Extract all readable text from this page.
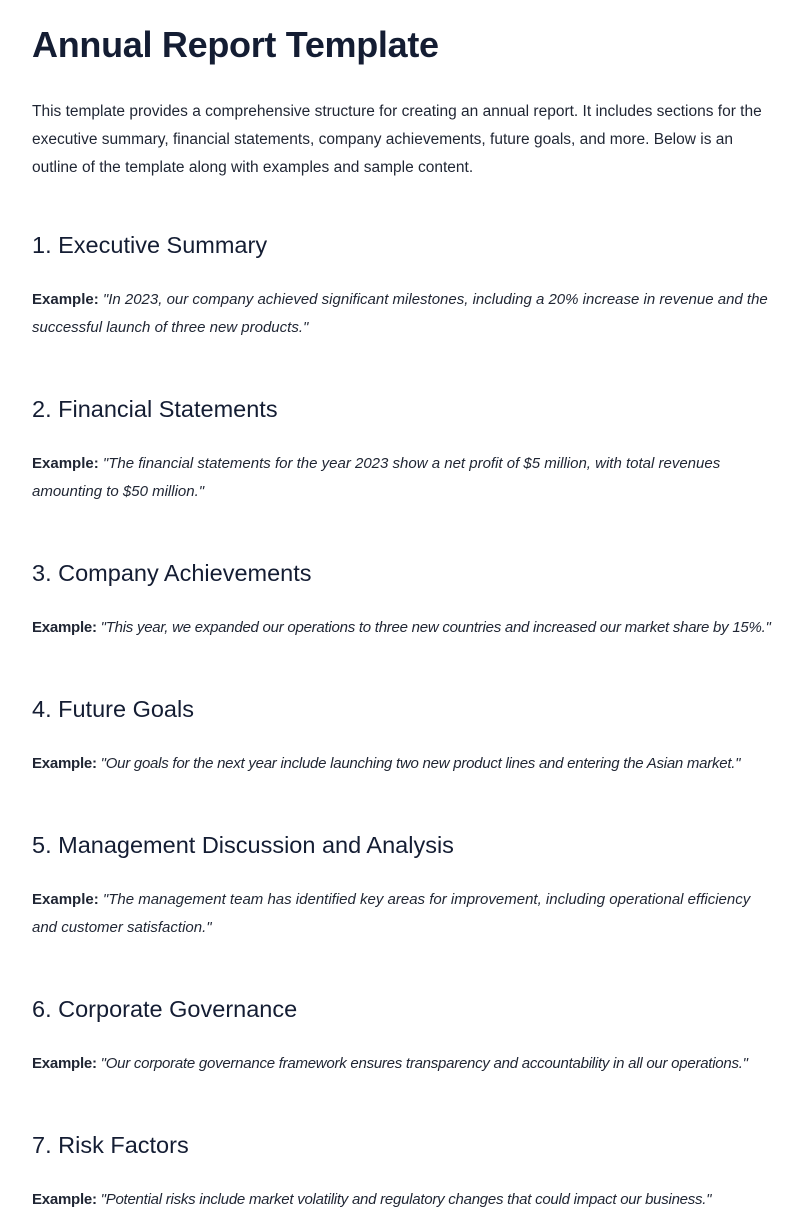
Annual Report Template

This template provides a comprehensive structure for creating an annual report. It includes sections for the executive summary, financial statements, company achievements, future goals, and more. Below is an outline of the template along with examples and sample content.

1. Executive Summary

Example: "In 2023, our company achieved significant milestones, including a 20% increase in revenue and the successful launch of three new products."

2. Financial Statements

Example: "The financial statements for the year 2023 show a net profit of $5 million, with total revenues amounting to $50 million."

3. Company Achievements

Example: "This year, we expanded our operations to three new countries and increased our market share by 15%."

4. Future Goals

Example: "Our goals for the next year include launching two new product lines and entering the Asian market."

5. Management Discussion and Analysis

Example: "The management team has identified key areas for improvement, including operational efficiency and customer satisfaction."

6. Corporate Governance

Example: "Our corporate governance framework ensures transparency and accountability in all our operations."

7. Risk Factors

Example: "Potential risks include market volatility and regulatory changes that could impact our business."
